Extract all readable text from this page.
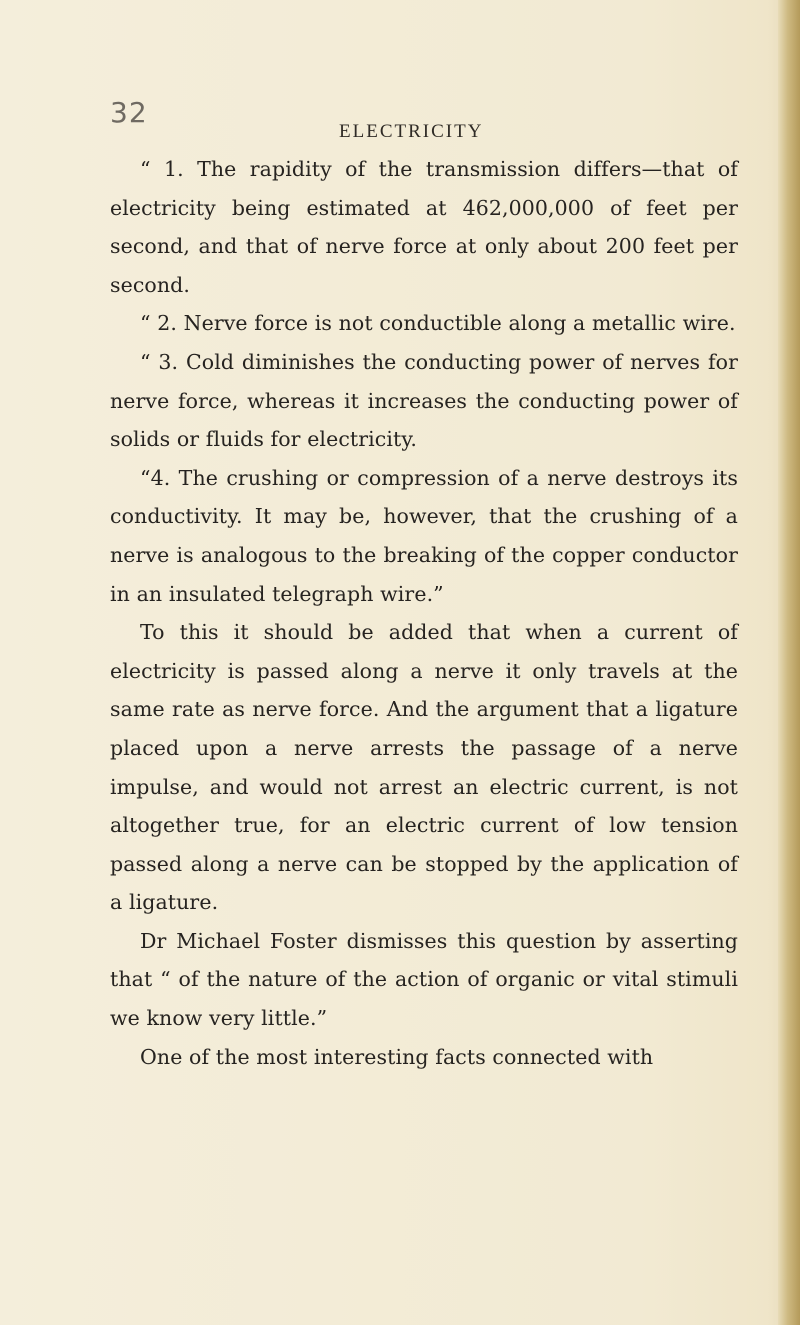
32
ELECTRICITY

“ 1. The rapidity of the transmission differs—that of electricity being estimated at 462,000,000 of feet per second, and that of nerve force at only about 200 feet per second.

“ 2. Nerve force is not conductible along a metallic wire.

“ 3. Cold diminishes the conducting power of nerves for nerve force, whereas it increases the conducting power of solids or fluids for electricity.

“4. The crushing or compression of a nerve destroys its conductivity. It may be, however, that the crushing of a nerve is analogous to the breaking of the copper conductor in an insulated telegraph wire.”

To this it should be added that when a current of electricity is passed along a nerve it only travels at the same rate as nerve force. And the argument that a ligature placed upon a nerve arrests the passage of a nerve impulse, and would not arrest an electric current, is not altogether true, for an electric current of low tension passed along a nerve can be stopped by the application of a ligature.

Dr Michael Foster dismisses this question by asserting that “ of the nature of the action of organic or vital stimuli we know very little.”

One of the most interesting facts connected with
